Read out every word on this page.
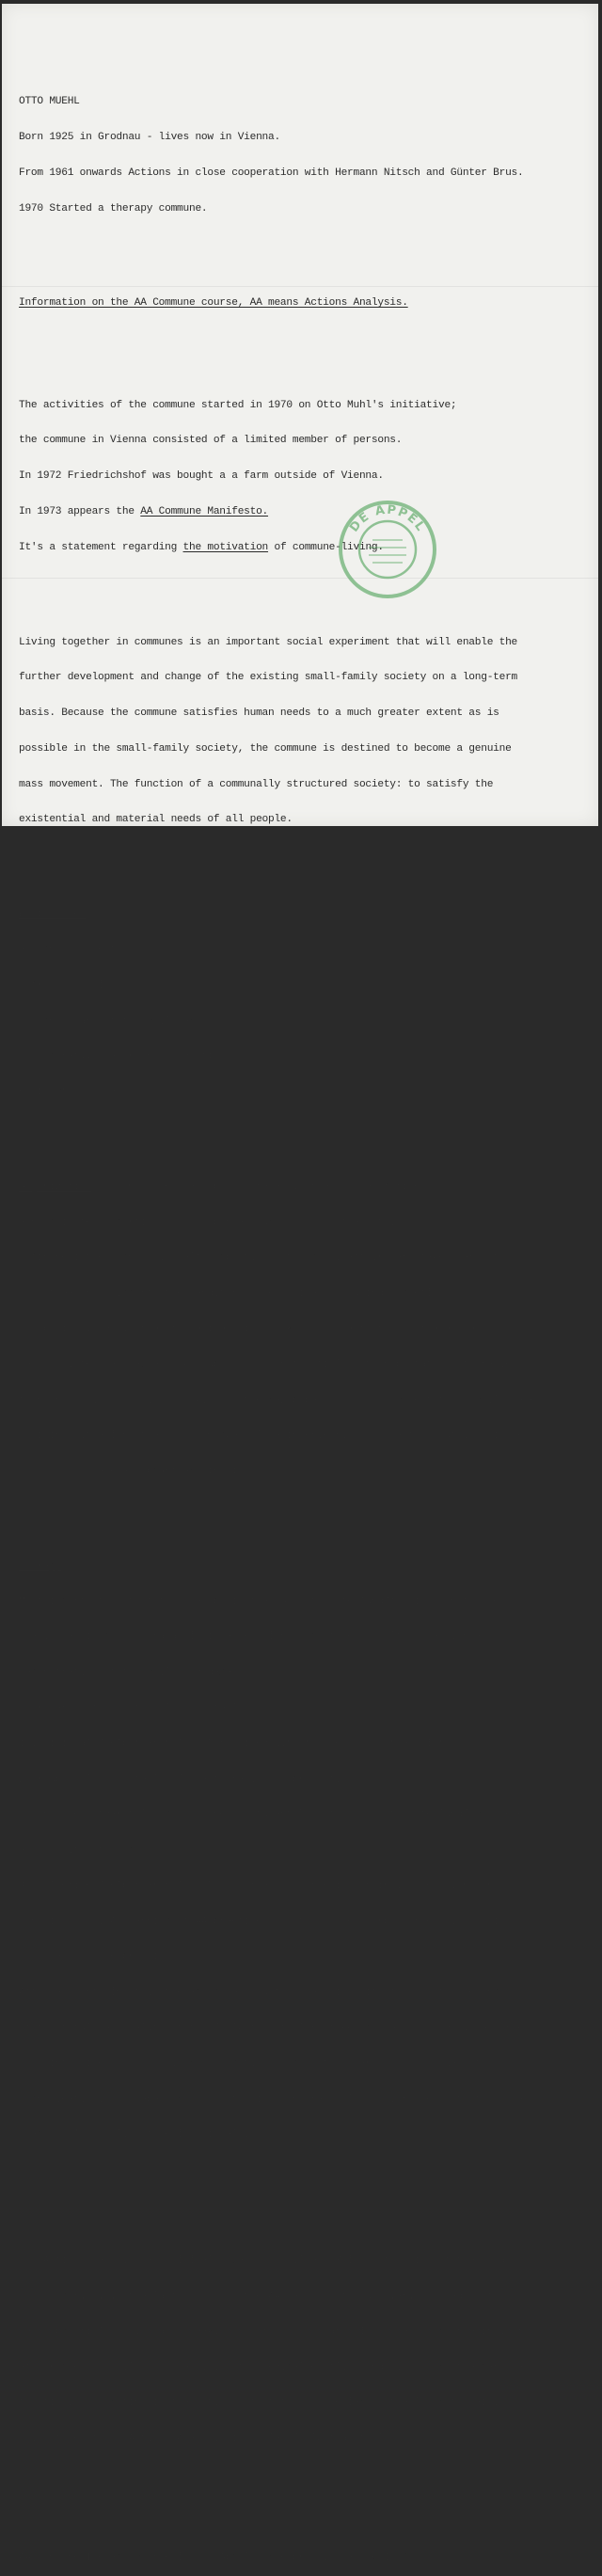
OTTO MUEHL

Born 1925 in Grodnau - lives now in Vienna.

From 1961 onwards Actions in close cooperation with Hermann Nitsch and Günter Brus.

1970 Started a therapy commune.

Information on the AA Commune course, AA means Actions Analysis.

The activities of the commune started in 1970 on Otto Muhl's initiative;

the commune in Vienna consisted of a limited member of persons.

In 1972 Friedrichshof was bought a a farm outside of Vienna.

In 1973 appears the AA Commune Manifesto.

It's a statement regarding the motivation of commune-living.

Living together in communes is an important social experiment that will enable the

further development and change of the existing small-family society on a long-term

basis. Because the commune satisfies human needs to a much greater extent as is

possible in the small-family society, the commune is destined to become a genuine

mass movement. The function of a communally structured society: to satisfy the

existential and material needs of all people.

Basic rules

a common property

b free sexuality

c common care of the children

d cooperative labor and production

e direct democracy

Organization : (some rules have been altered in the course of time)

a no private properties such as bankaccount, car, clothes etc.

b finance: the commune is self-supporting - the money affairs are taken care of by

a treasurer. Important expenditures are decided on during a meeting.

c labor: anybody is free to decide which work he/she wants to do; there are

several interchangeable workgroups: labor in the fields, transportation, therapies,

film and music recording, working on the newspaper, commune documentation, child-care.

d living-situation: the communemembers live in Friedrichshof, a farm outside Vienne.

They also have an appartment in Vienna.

Therapy :

Most important part of the therapy is the "Selbstdarstellung"; This is not role-

playing as in psycho-drama, it is an emotional spontaneous self-expression and

demonstration of the childhood damages.

There are 4 forms of "Selbstdarstellung":

1 Individual "Selbstdarstellung" realised with the help of a therapist

2 Group "Selbstdarstellung" - a therapist is present.

3 Mono "Selbstdarstellung" - avanced "students" do the "Selbstdarstellung" completely

alone, without help.

4 Collective "Selbstdarstellung" - synthesis of feeling, thinking, emotions and

consciousness. A learning of AA practise. The tools are: verbal, rhetoric, musical,

vocal and body-expression.

After a short time this therapy makes you feel less inhibited; a positive change

of the total personality of the "Selbstdarsteller" takes place. The body is experienced

more intensively, fears diminish, emotions come out and are used as a way of

communication. The dependency on authority can gradually be overcome so that one can

shape one's own lifestyle individually.

The ActionsAnalysis was originally based on Wilhelm Reich's theories of the human

body armoring. In the last two years the AA has gone through various stages of

development: loosening and breaking up of the body armoring, overcoming the inhibitions

af a repressed childhood, re-living the oedipal conflict and dissolving the parental

fixation, culminating in the acting out of these experiences freely in the air.

This stage of the Aktions Analysis is called "Selbstdarstellung"

AA Commune Therapy course in "de Appel" on February 5 and 6 1977

DE APPEL
